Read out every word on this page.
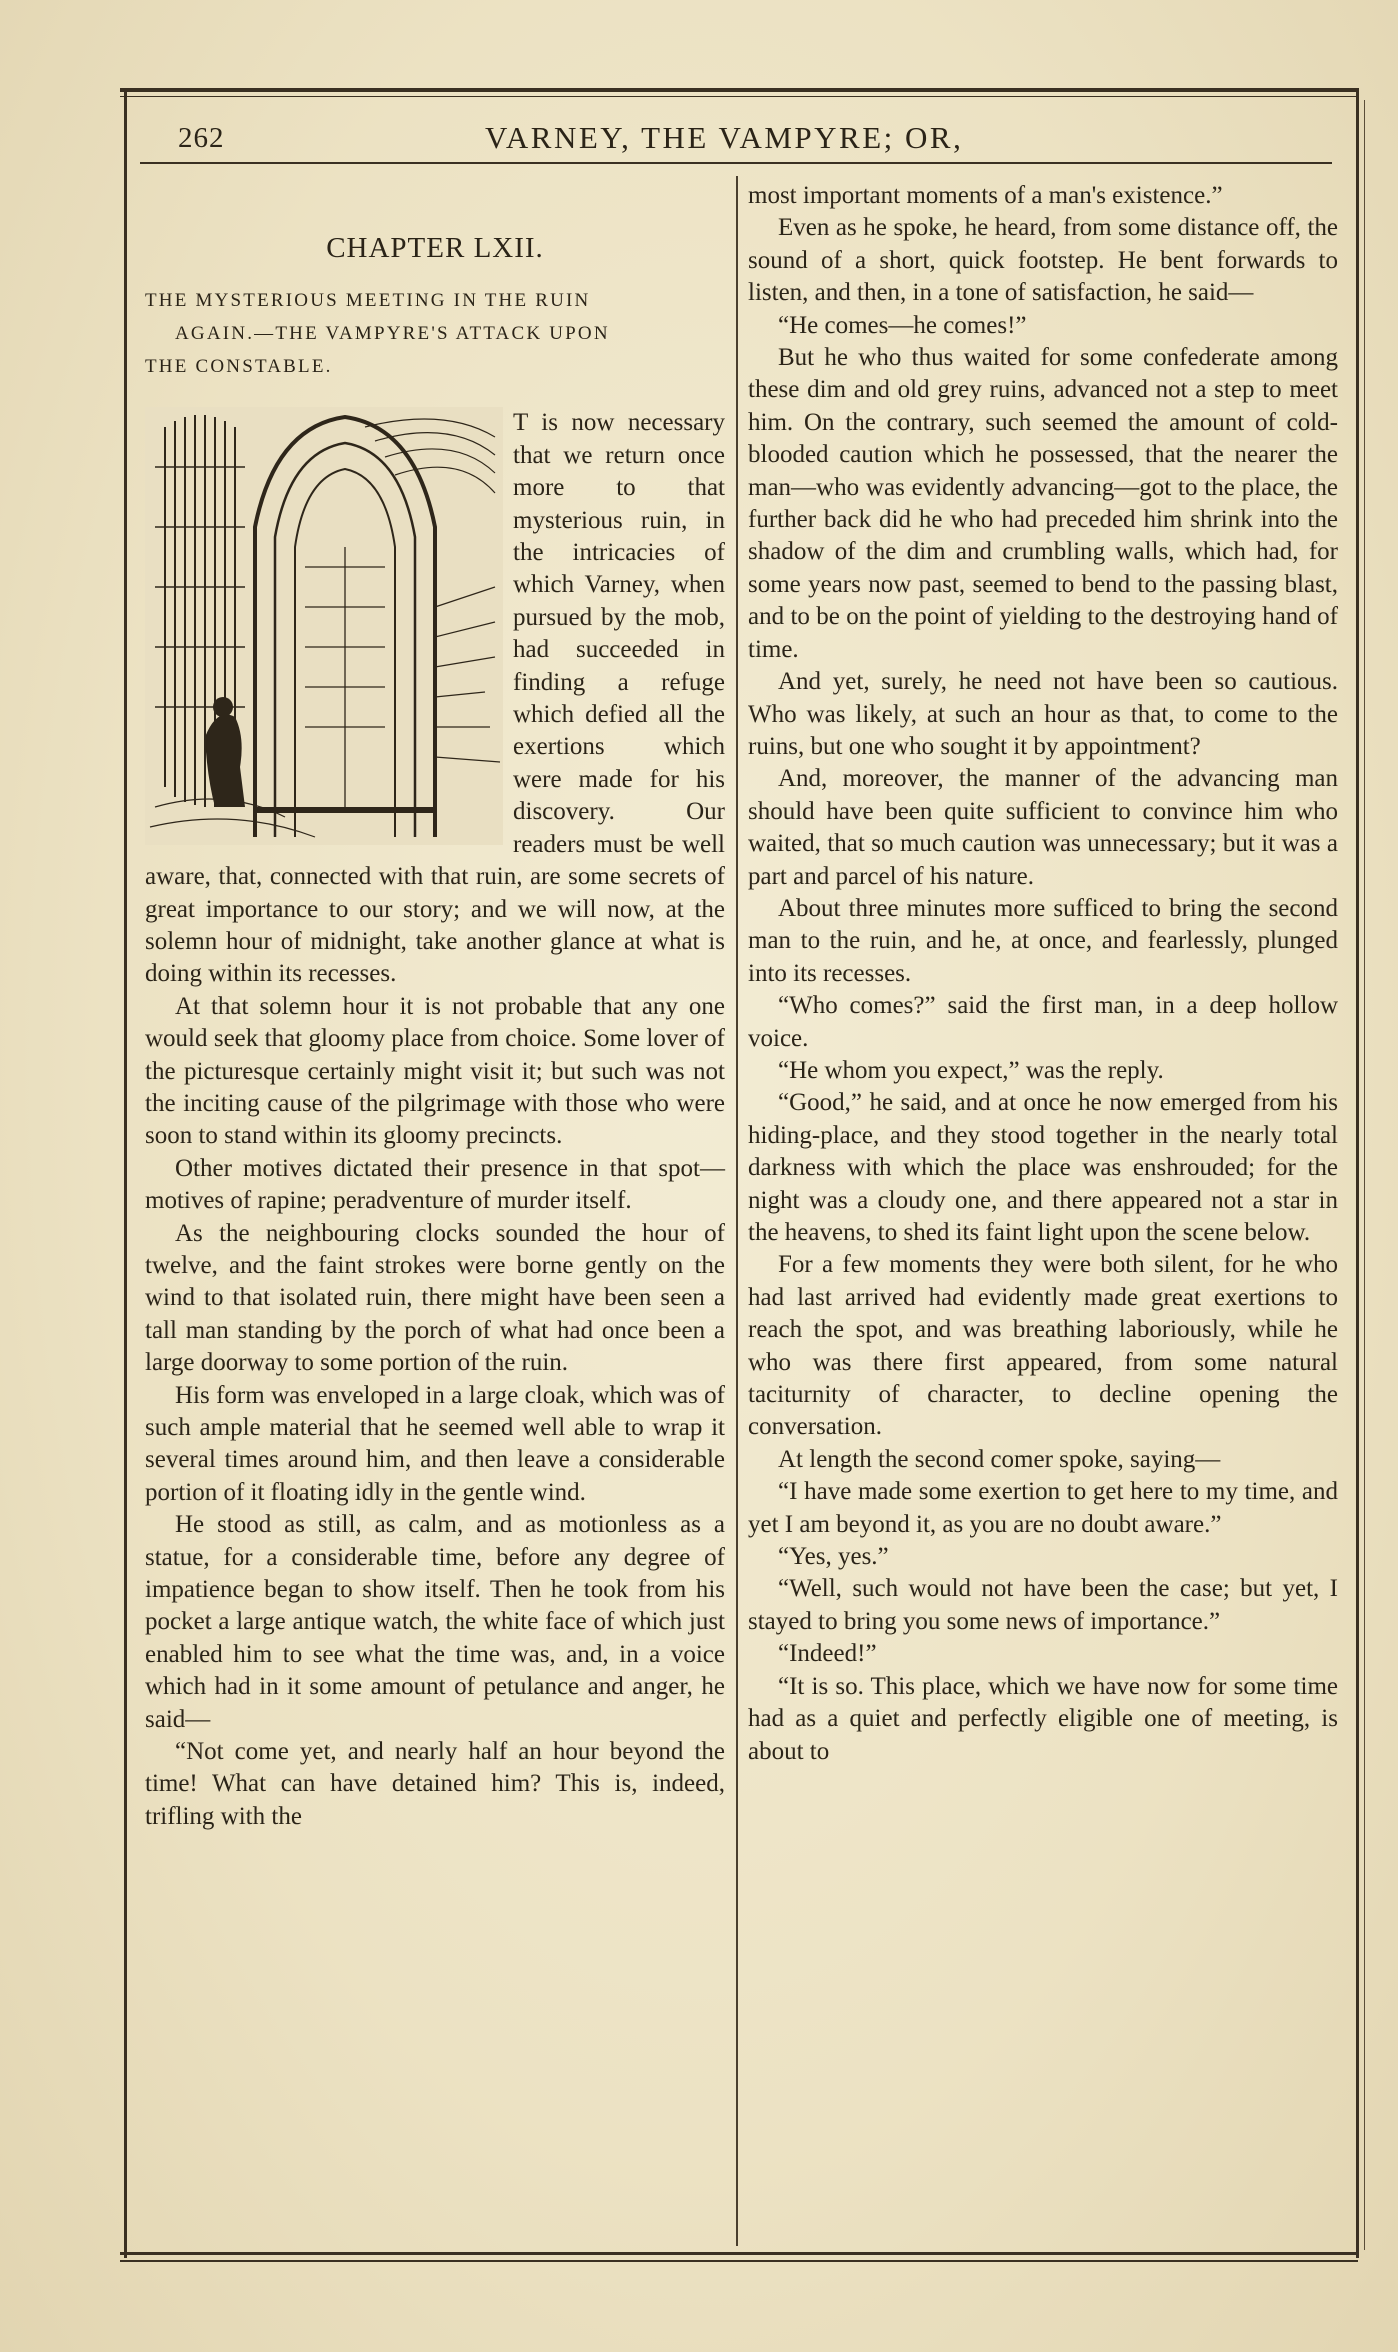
262	VARNEY, THE VAMPYRE; OR,
CHAPTER LXII.
THE MYSTERIOUS MEETING IN THE RUIN
AGAIN.—THE VAMPYRE'S ATTACK UPON
THE CONSTABLE.

T is now necessary that we return once more to that mysterious ruin, in the intricacies of which Varney, when pursued by the mob, had succeeded in finding a refuge which defied all the exertions which were made for his discovery. Our readers must be well aware, that, connected with that ruin, are some secrets of great importance to our story; and we will now, at the solemn hour of midnight, take another glance at what is doing within its recesses.

At that solemn hour it is not probable that any one would seek that gloomy place from choice. Some lover of the picturesque certainly might visit it; but such was not the inciting cause of the pilgrimage with those who were soon to stand within its gloomy precincts.

Other motives dictated their presence in that spot—motives of rapine; peradventure of murder itself.

As the neighbouring clocks sounded the hour of twelve, and the faint strokes were borne gently on the wind to that isolated ruin, there might have been seen a tall man standing by the porch of what had once been a large doorway to some portion of the ruin.

His form was enveloped in a large cloak, which was of such ample material that he seemed well able to wrap it several times around him, and then leave a considerable portion of it floating idly in the gentle wind.

He stood as still, as calm, and as motionless as a statue, for a considerable time, before any degree of impatience began to show itself. Then he took from his pocket a large antique watch, the white face of which just enabled him to see what the time was, and, in a voice which had in it some amount of petulance and anger, he said—

“Not come yet, and nearly half an hour beyond the time! What can have detained him? This is, indeed, trifling with the

most important moments of a man's existence.”

Even as he spoke, he heard, from some distance off, the sound of a short, quick footstep. He bent forwards to listen, and then, in a tone of satisfaction, he said—

“He comes—he comes!”

But he who thus waited for some confederate among these dim and old grey ruins, advanced not a step to meet him. On the contrary, such seemed the amount of cold-blooded caution which he possessed, that the nearer the man—who was evidently advancing—got to the place, the further back did he who had preceded him shrink into the shadow of the dim and crumbling walls, which had, for some years now past, seemed to bend to the passing blast, and to be on the point of yielding to the destroying hand of time.

And yet, surely, he need not have been so cautious. Who was likely, at such an hour as that, to come to the ruins, but one who sought it by appointment?

And, moreover, the manner of the advancing man should have been quite sufficient to convince him who waited, that so much caution was unnecessary; but it was a part and parcel of his nature.

About three minutes more sufficed to bring the second man to the ruin, and he, at once, and fearlessly, plunged into its recesses.

“Who comes?” said the first man, in a deep hollow voice.

“He whom you expect,” was the reply.

“Good,” he said, and at once he now emerged from his hiding-place, and they stood together in the nearly total darkness with which the place was enshrouded; for the night was a cloudy one, and there appeared not a star in the heavens, to shed its faint light upon the scene below.

For a few moments they were both silent, for he who had last arrived had evidently made great exertions to reach the spot, and was breathing laboriously, while he who was there first appeared, from some natural taciturnity of character, to decline opening the conversation.

At length the second comer spoke, saying—

“I have made some exertion to get here to my time, and yet I am beyond it, as you are no doubt aware.”

“Yes, yes.”

“Well, such would not have been the case; but yet, I stayed to bring you some news of importance.”

“Indeed!”

“It is so. This place, which we have now for some time had as a quiet and perfectly eligible one of meeting, is about to
